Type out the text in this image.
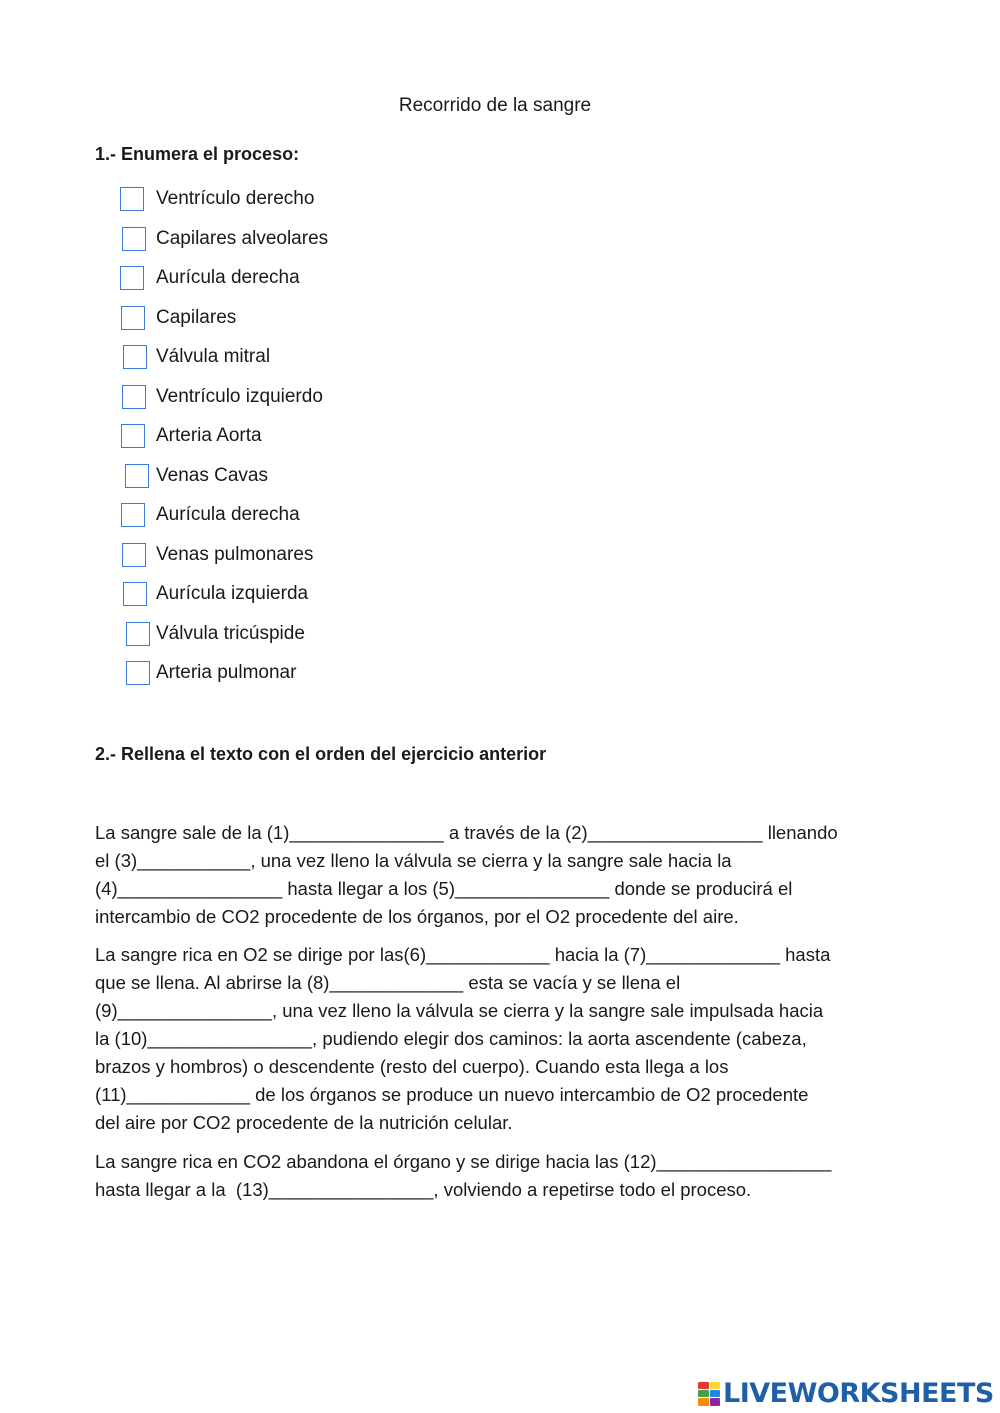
Recorrido de la sangre
1.- Enumera el proceso:
Ventrículo derecho
Capilares alveolares
Aurícula derecha
Capilares
Válvula mitral
Ventrículo izquierdo
Arteria Aorta
Venas Cavas
Aurícula derecha
Venas pulmonares
Aurícula izquierda
Válvula tricúspide
Arteria pulmonar
2.- Rellena el texto con el orden del ejercicio anterior

La sangre sale de la (1)_______________ a través de la (2)_________________ llenando
el (3)___________, una vez lleno la válvula se cierra y la sangre sale hacia la
(4)________________ hasta llegar a los (5)_______________ donde se producirá el
intercambio de CO2 procedente de los órganos, por el O2 procedente del aire.

La sangre rica en O2 se dirige por las(6)____________ hacia la (7)_____________ hasta
que se llena. Al abrirse la (8)_____________ esta se vacía y se llena el
(9)_______________, una vez lleno la válvula se cierra y la sangre sale impulsada hacia
la (10)________________, pudiendo elegir dos caminos: la aorta ascendente (cabeza,
brazos y hombros) o descendente (resto del cuerpo). Cuando esta llega a los
(11)____________ de los órganos se produce un nuevo intercambio de O2 procedente
del aire por CO2 procedente de la nutrición celular.

La sangre rica en CO2 abandona el órgano y se dirige hacia las (12)_________________
hasta llegar a la  (13)________________, volviendo a repetirse todo el proceso.

LIVEWORKSHEETS
